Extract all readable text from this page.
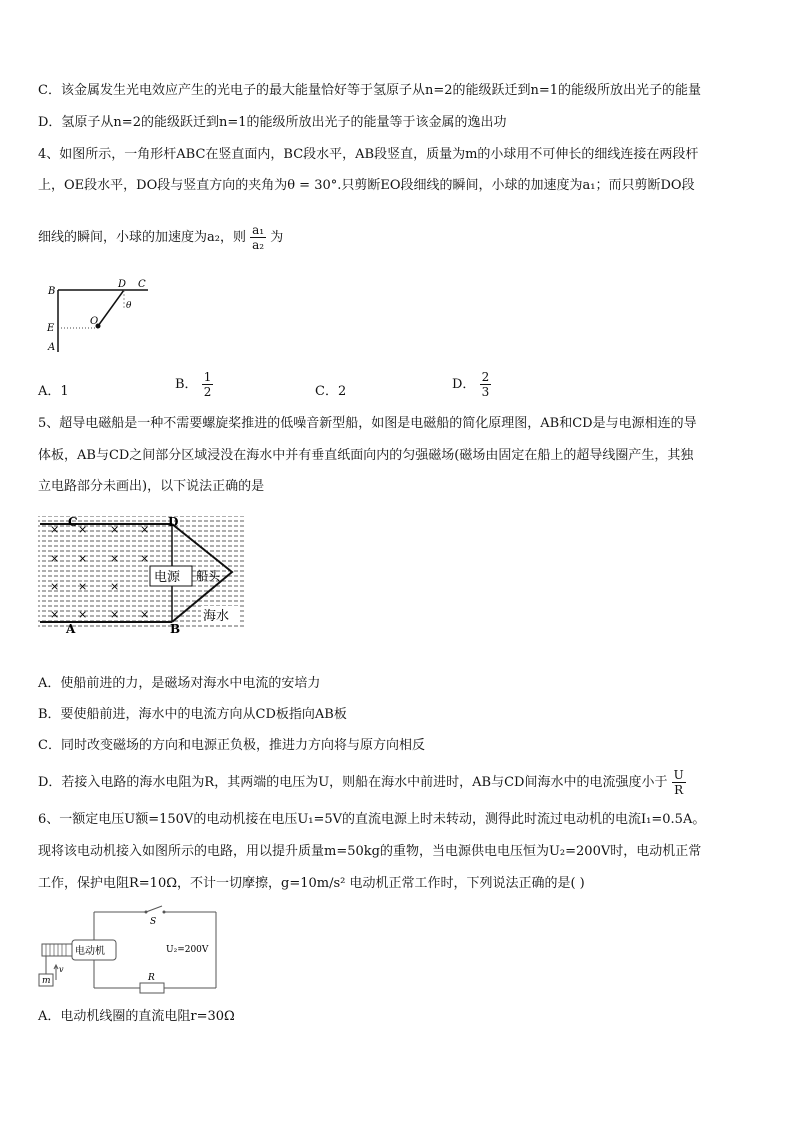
C．该金属发生光电效应产生的光电子的最大能量恰好等于氢原子从n=2的能级跃迁到n=1的能级所放出光子的能量
D．氢原子从n=2的能级跃迁到n=1的能级所放出光子的能量等于该金属的逸出功
4、如图所示，一角形杆ABC在竖直面内，BC段水平，AB段竖直，质量为m的小球用不可伸长的细线连接在两段杆
上，OE段水平，DO段与竖直方向的夹角为θ = 30°.只剪断EO段细线的瞬间，小球的加速度为a₁；而只剪断DO段
细线的瞬间，小球的加速度为a₂，则 $\frac{\text{a₁}}{\text{a₂}}$ 为
B
D C
E
O
A
θ
A．1	B． $\frac{1}{2}$	C．2	D． $\frac{2}{3}$
5、超导电磁船是一种不需要螺旋桨推进的低噪音新型船，如图是电磁船的简化原理图，AB和CD是与电源相连的导
体板，AB与CD之间部分区域浸没在海水中并有垂直纸面向内的匀强磁场(磁场由固定在船上的超导线圈产生，其独
立电路部分未画出)，以下说法正确的是
电源 船头
海水
C	D
A	B
× × × ×
× × × ×
× × ×
× × × ×
A．使船前进的力，是磁场对海水中电流的安培力
B．要使船前进，海水中的电流方向从CD板指向AB板
C．同时改变磁场的方向和电源正负极，推进力方向将与原方向相反
D．若接入电路的海水电阻为R，其两端的电压为U，则船在海水中前进时，AB与CD间海水中的电流强度小于 $\frac{U}{R}$
6、一额定电压U额=150V的电动机接在电压U₁=5V的直流电源上时未转动，测得此时流过电动机的电流I₁=0.5A。
现将该电动机接入如图所示的电路，用以提升质量m=50kg的重物，当电源供电电压恒为U₂=200V时，电动机正常
工作，保护电阻R=10Ω，不计一切摩擦，g=10m/s² 电动机正常工作时，下列说法正确的是( )
S
U₂=200V
R
电动机
m
v
A．电动机线圈的直流电阻r=30Ω
